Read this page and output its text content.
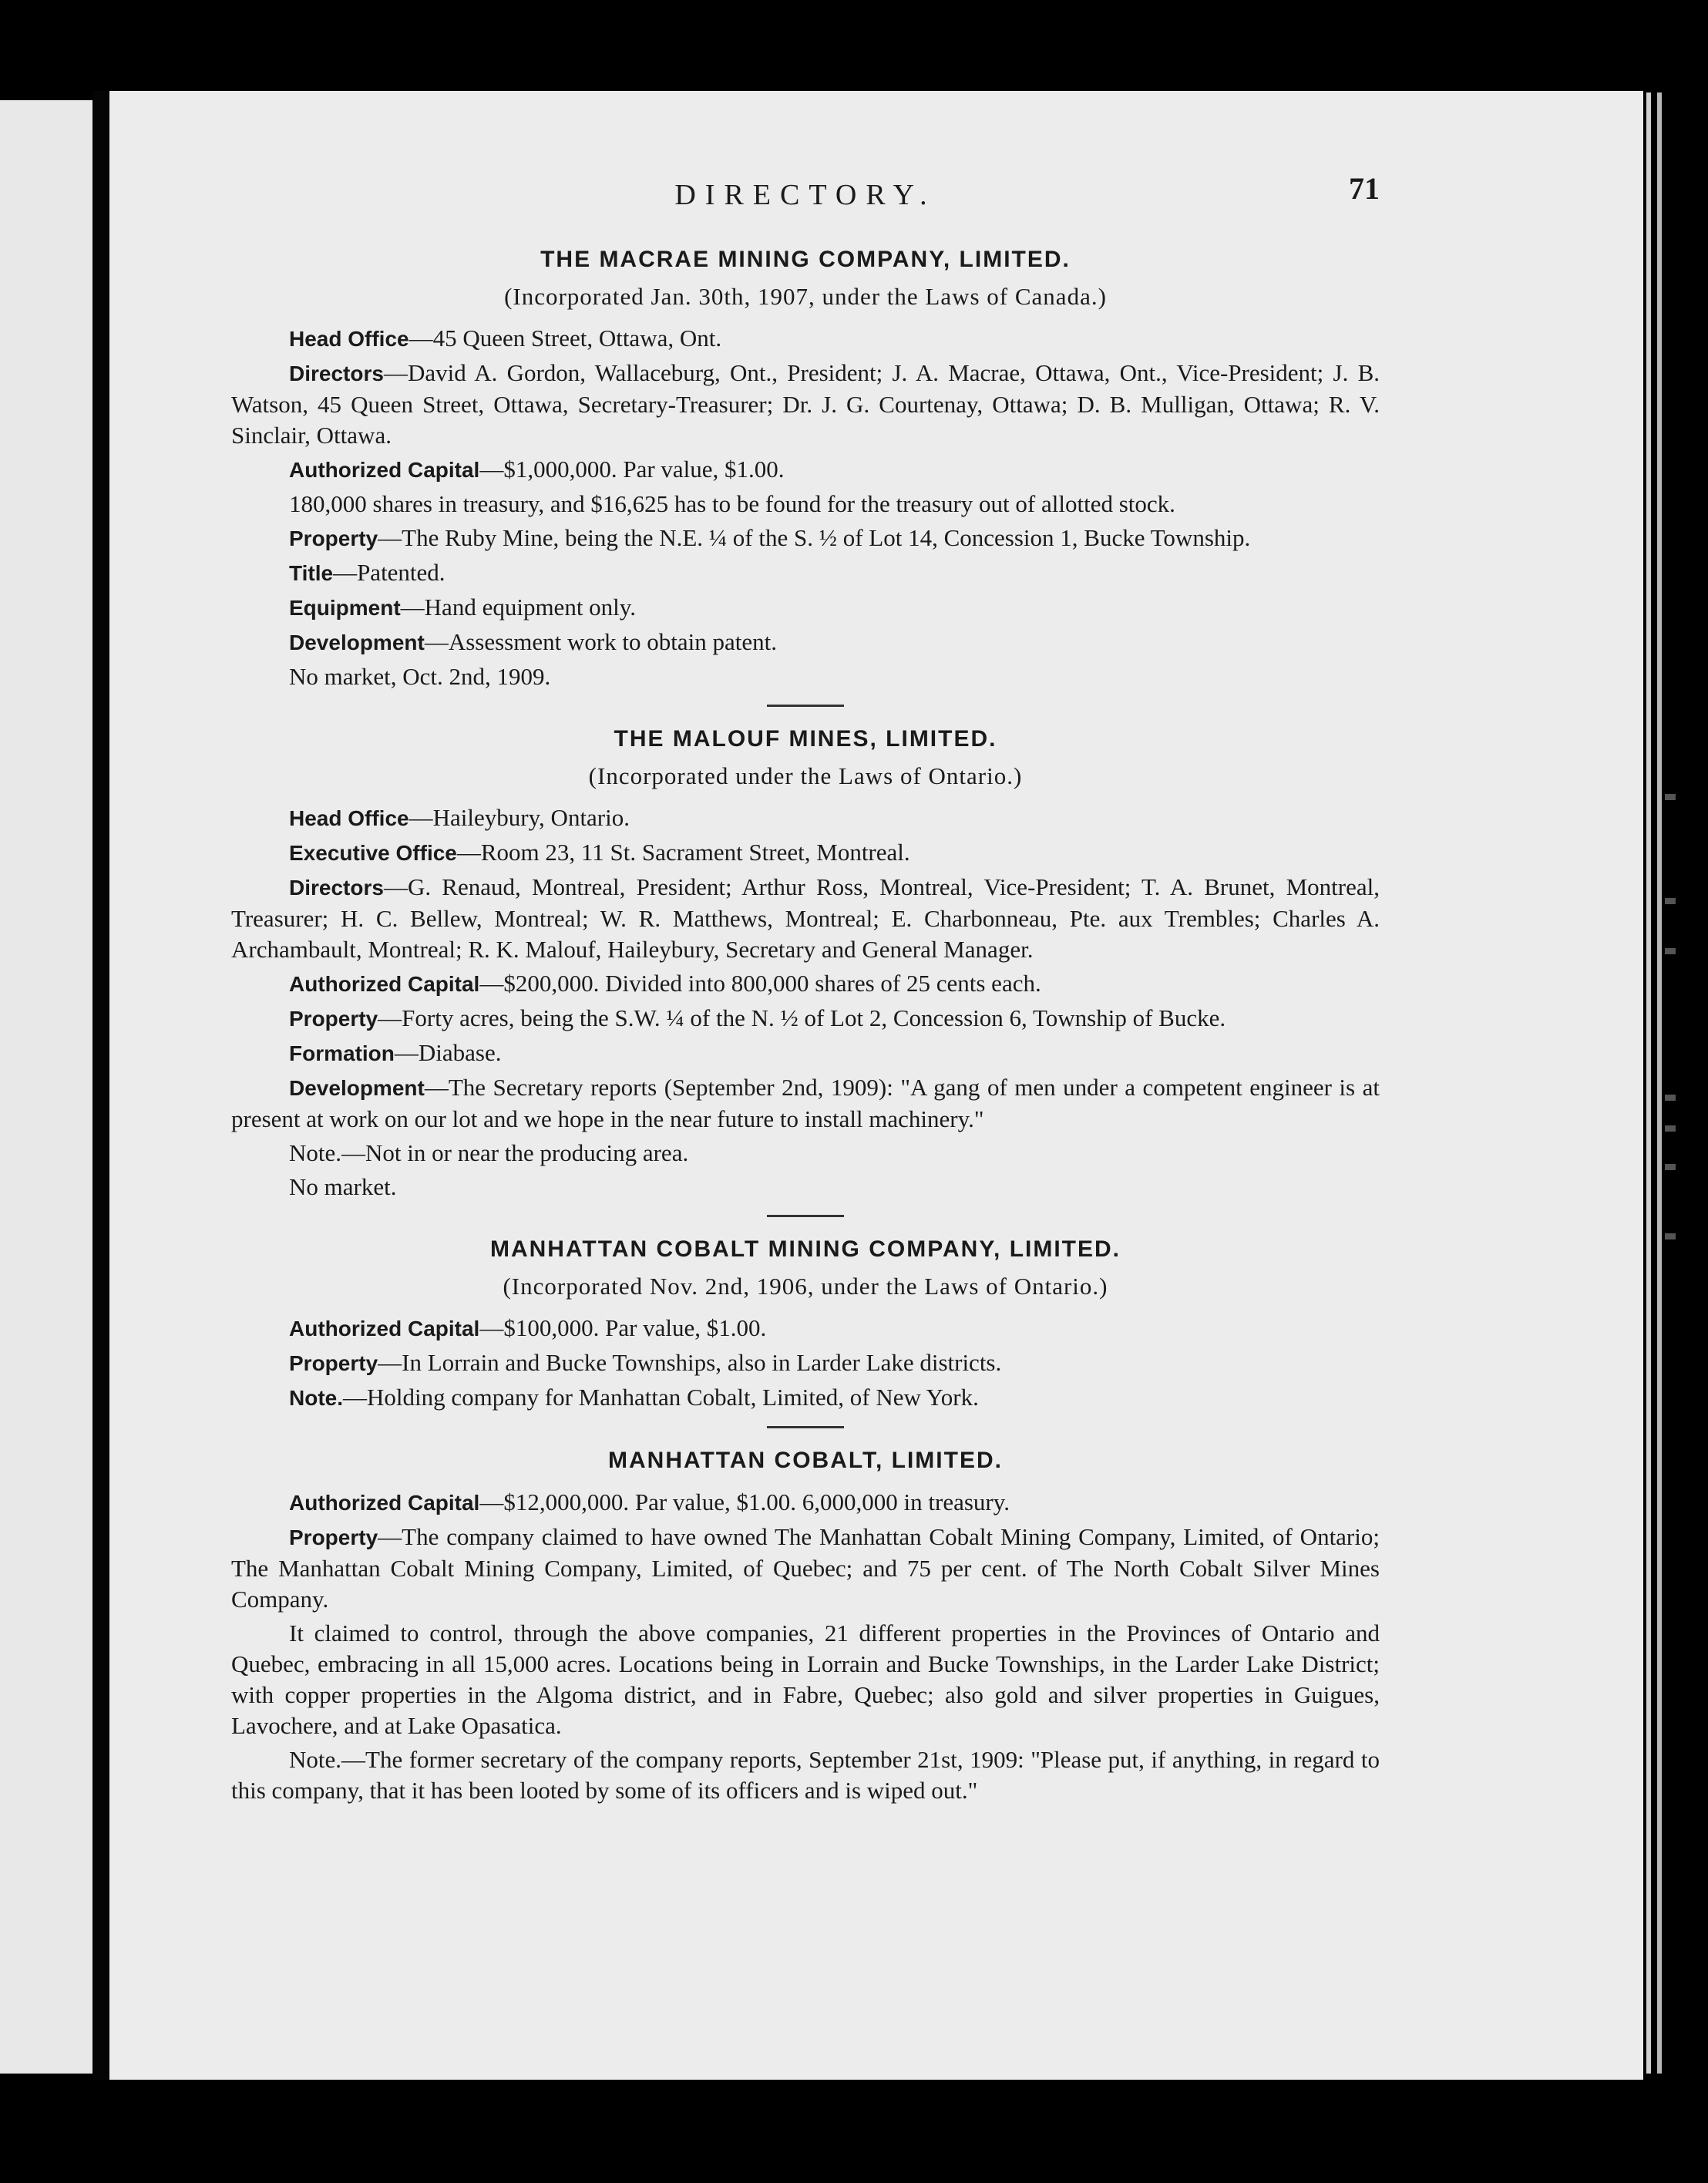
DIRECTORY.	71
THE MACRAE MINING COMPANY, LIMITED.
(Incorporated Jan. 30th, 1907, under the Laws of Canada.)

Head Office—45 Queen Street, Ottawa, Ont.

Directors—David A. Gordon, Wallaceburg, Ont., President; J. A. Macrae, Ottawa, Ont., Vice-President; J. B. Watson, 45 Queen Street, Ottawa, Secretary-Treasurer; Dr. J. G. Courtenay, Ottawa; D. B. Mulligan, Ottawa; R. V. Sinclair, Ottawa.

Authorized Capital—$1,000,000. Par value, $1.00.

180,000 shares in treasury, and $16,625 has to be found for the treasury out of allotted stock.

Property—The Ruby Mine, being the N.E. ¼ of the S. ½ of Lot 14, Concession 1, Bucke Township.

Title—Patented.

Equipment—Hand equipment only.

Development—Assessment work to obtain patent.

No market, Oct. 2nd, 1909.

THE MALOUF MINES, LIMITED.
(Incorporated under the Laws of Ontario.)

Head Office—Haileybury, Ontario.

Executive Office—Room 23, 11 St. Sacrament Street, Montreal.

Directors—G. Renaud, Montreal, President; Arthur Ross, Montreal, Vice-President; T. A. Brunet, Montreal, Treasurer; H. C. Bellew, Montreal; W. R. Matthews, Montreal; E. Charbonneau, Pte. aux Trembles; Charles A. Archambault, Montreal; R. K. Malouf, Haileybury, Secretary and General Manager.

Authorized Capital—$200,000. Divided into 800,000 shares of 25 cents each.

Property—Forty acres, being the S.W. ¼ of the N. ½ of Lot 2, Concession 6, Township of Bucke.

Formation—Diabase.

Development—The Secretary reports (September 2nd, 1909): "A gang of men under a competent engineer is at present at work on our lot and we hope in the near future to install machinery."

Note.—Not in or near the producing area.

No market.

MANHATTAN COBALT MINING COMPANY, LIMITED.
(Incorporated Nov. 2nd, 1906, under the Laws of Ontario.)

Authorized Capital—$100,000. Par value, $1.00.

Property—In Lorrain and Bucke Townships, also in Larder Lake districts.

Note.—Holding company for Manhattan Cobalt, Limited, of New York.

MANHATTAN COBALT, LIMITED.

Authorized Capital—$12,000,000. Par value, $1.00. 6,000,000 in treasury.

Property—The company claimed to have owned The Manhattan Cobalt Mining Company, Limited, of Ontario; The Manhattan Cobalt Mining Company, Limited, of Quebec; and 75 per cent. of The North Cobalt Silver Mines Company.

It claimed to control, through the above companies, 21 different properties in the Provinces of Ontario and Quebec, embracing in all 15,000 acres. Locations being in Lorrain and Bucke Townships, in the Larder Lake District; with copper properties in the Algoma district, and in Fabre, Quebec; also gold and silver properties in Guigues, Lavochere, and at Lake Opasatica.

Note.—The former secretary of the company reports, September 21st, 1909: "Please put, if anything, in regard to this company, that it has been looted by some of its officers and is wiped out."
